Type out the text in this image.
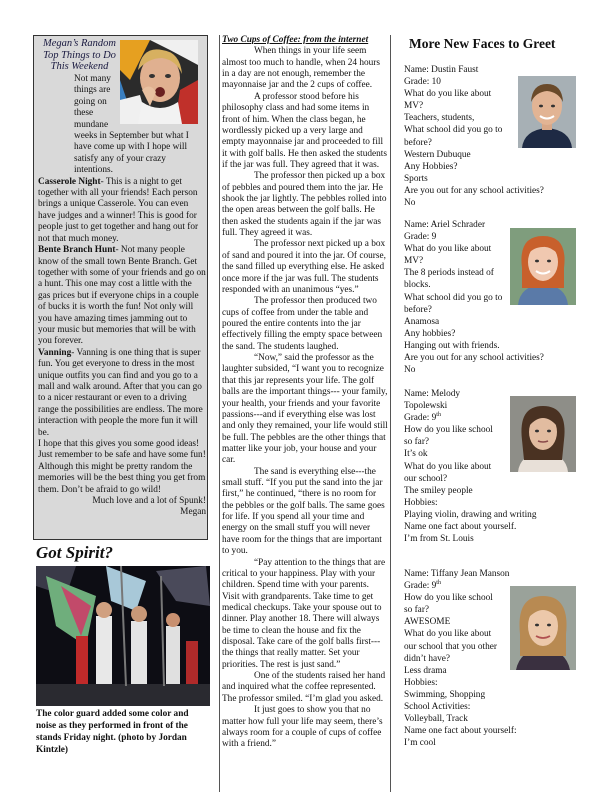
Megan’s Random Top Things to Do This Weekend

Not many things are going on these mundane weeks in September but what I have come up with I hope will satisfy any of your crazy intentions.

Casserole Night- This is a night to get together with all your friends! Each person brings a unique Casserole. You can even have judges and a winner! This is good for people just to get together and hang out for not that much money.

Bente Branch Hunt- Not many people know of the small town Bente Branch. Get together with some of your friends and go on a hunt. This one may cost a little with the gas prices but if everyone chips in a couple of bucks it is worth the fun! Not only will you have amazing times jamming out to your music but memories that will be with you forever.

Vanning- Vanning is one thing that is super fun. You get everyone to dress in the most unique outfits you can find and you go to a mall and walk around. After that you can go to a nicer restaurant or even to a driving range the possibilities are endless. The more interaction with people the more fun it will be.

I hope that this gives you some good ideas! Just remember to be safe and have some fun! Although this might be pretty random the memories will be the best thing you get from them. Don’t be afraid to go wild!

Much love and a lot of Spunk!

Megan

Got Spirit?
The color guard added some color and noise as they performed in front of the stands Friday night. (photo by Jordan Kintzle)
Two Cups of Coffee: from the internet

When things in your life seem almost too much to handle, when 24 hours in a day are not enough, remember the mayonnaise jar and the 2 cups of coffee.

A professor stood before his philosophy class and had some items in front of him. When the class began, he wordlessly picked up a very large and empty mayonnaise jar and proceeded to fill it with golf balls. He then asked the students if the jar was full. They agreed that it was.

The professor then picked up a box of pebbles and poured them into the jar. He shook the jar lightly. The pebbles rolled into the open areas between the golf balls. He then asked the students again if the jar was full. They agreed it was.

The professor next picked up a box of sand and poured it into the jar. Of course, the sand filled up everything else. He asked once more if the jar was full. The students responded with an unanimous “yes.”

The professor then produced two cups of coffee from under the table and poured the entire contents into the jar effectively filling the empty space between the sand. The students laughed.

“Now,” said the professor as the laughter subsided, “I want you to recognize that this jar represents your life. The golf balls are the important things--- your family, your health, your friends and your favorite passions---and if everything else was lost and only they remained, your life would still be full. The pebbles are the other things that matter like your job, your house and your car.

The sand is everything else---the small stuff. “If you put the sand into the jar first,” he continued, “there is no room for the pebbles or the golf balls. The same goes for life. If you spend all your time and energy on the small stuff you will never have room for the things that are important to you.

“Pay attention to the things that are critical to your happiness. Play with your children. Spend time with your parents. Visit with grandparents. Take time to get medical checkups. Take your spouse out to dinner. Play another 18. There will always be time to clean the house and fix the disposal. Take care of the golf balls first---the things that really matter. Set your priorities. The rest is just sand.”

One of the students raised her hand and inquired what the coffee represented. The professor smiled. “I’m glad you asked.

It just goes to show you that no matter how full your life may seem, there’s always room for a couple of cups of coffee with a friend.”

More New Faces to Greet
Name: Dustin Faust
Grade: 10
What do you like about
MV?
Teachers, students,
What school did you go to
before?
Western Dubuque
Any Hobbies?
Sports
Are you out for any school activities?
No
Name: Ariel Schrader
Grade: 9
What do you like about
MV?
The 8 periods instead of
blocks.
What school did you go to
before?
Anamosa
Any hobbies?
Hanging out with friends.
Are you out for any school activities?
No
Name: Melody
Topolewski
Grade: 9th
How do you like school
so far?
It’s ok
What do you like about
our school?
The smiley people
Hobbies:
Playing violin, drawing and writing
Name one fact about yourself.
I’m from St. Louis
Name: Tiffany Jean Manson
Grade: 9th
How do you like school
so far?
AWESOME
What do you like about
our school that you other
didn’t have?
Less drama
Hobbies:
Swimming, Shopping
School Activities:
Volleyball, Track
Name one fact about yourself:
I’m cool
